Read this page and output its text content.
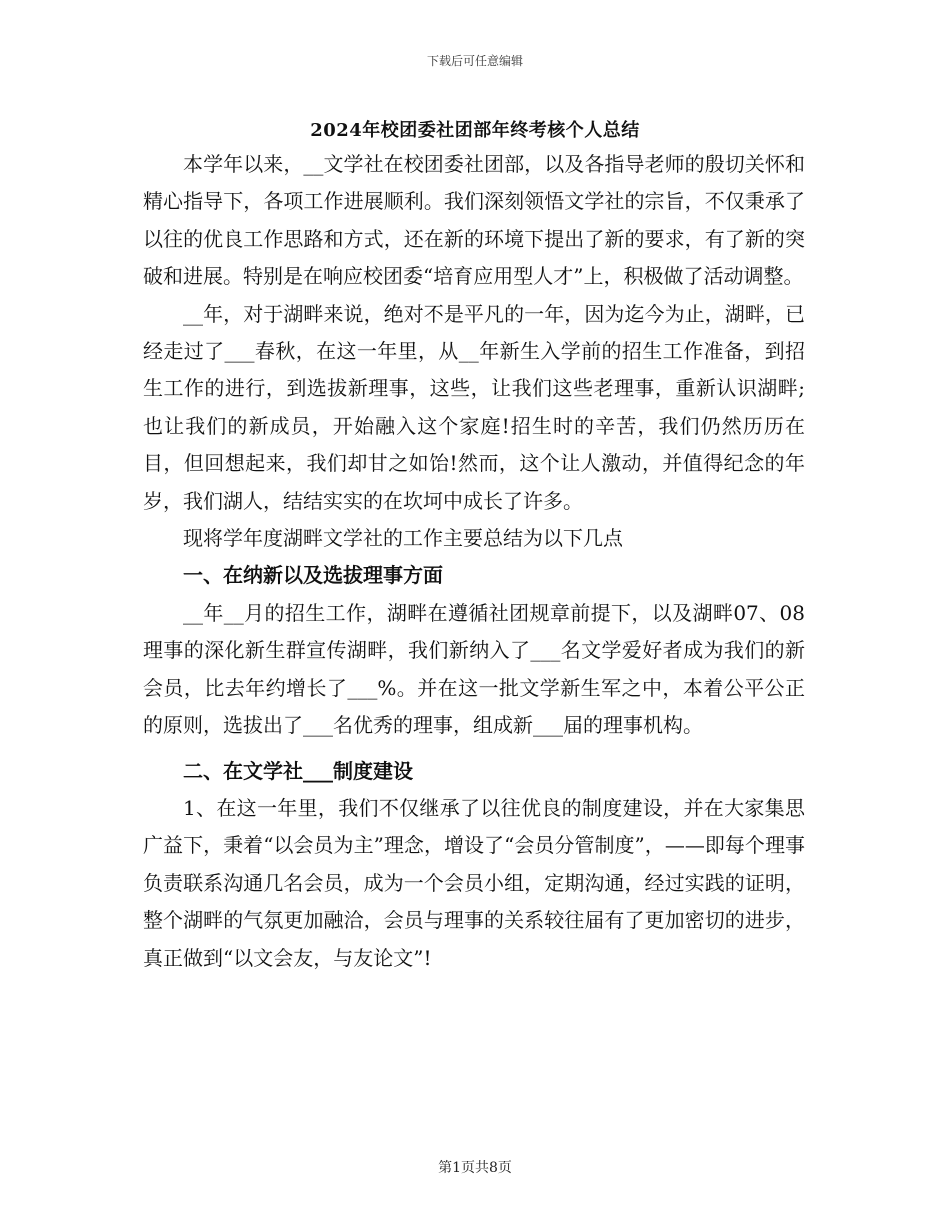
下载后可任意编辑
2024年校团委社团部年终考核个人总结

本学年以来，__文学社在校团委社团部，以及各指导老师的殷切关怀和精心指导下，各项工作进展顺利。我们深刻领悟文学社的宗旨，不仅秉承了以往的优良工作思路和方式，还在新的环境下提出了新的要求，有了新的突破和进展。特别是在响应校团委“培育应用型人才”上，积极做了活动调整。

__年，对于湖畔来说，绝对不是平凡的一年，因为迄今为止，湖畔，已经走过了___春秋，在这一年里，从__年新生入学前的招生工作准备，到招生工作的进行，到选拔新理事，这些，让我们这些老理事，重新认识湖畔;也让我们的新成员，开始融入这个家庭!招生时的辛苦，我们仍然历历在目，但回想起来，我们却甘之如饴!然而，这个让人激动，并值得纪念的年岁，我们湖人，结结实实的在坎坷中成长了许多。

现将学年度湖畔文学社的工作主要总结为以下几点

一、在纳新以及选拔理事方面

__年__月的招生工作，湖畔在遵循社团规章前提下，以及湖畔07、08理事的深化新生群宣传湖畔，我们新纳入了___名文学爱好者成为我们的新会员，比去年约增长了___%。并在这一批文学新生军之中，本着公平公正的原则，选拔出了___名优秀的理事，组成新___届的理事机构。

二、在文学社___制度建设

1、在这一年里，我们不仅继承了以往优良的制度建设，并在大家集思广益下，秉着“以会员为主”理念，增设了“会员分管制度”，——即每个理事负责联系沟通几名会员，成为一个会员小组，定期沟通，经过实践的证明，整个湖畔的气氛更加融洽，会员与理事的关系较往届有了更加密切的进步，真正做到“以文会友，与友论文”!

第1页共8页
